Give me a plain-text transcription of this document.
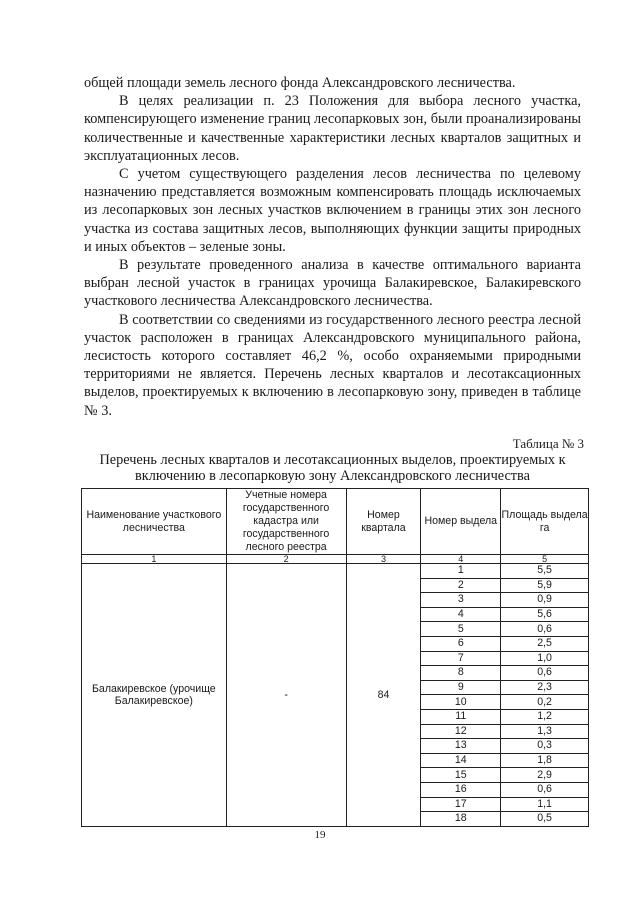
общей площади земель лесного фонда Александровского лесничества.

В целях реализации п. 23 Положения для выбора лесного участка, компенсирующего изменение границ лесопарковых зон, были проанализированы количественные и качественные характеристики лесных кварталов защитных и эксплуатационных лесов.

С учетом существующего разделения лесов лесничества по целевому назначению представляется возможным компенсировать площадь исключаемых из лесопарковых зон лесных участков включением в границы этих зон лесного участка из состава защитных лесов, выполняющих функции защиты природных и иных объектов – зеленые зоны.

В результате проведенного анализа в качестве оптимального варианта выбран лесной участок в границах урочища Балакиревское, Балакиревского участкового лесничества Александровского лесничества.

В соответствии со сведениями из государственного лесного реестра лесной участок расположен в границах Александровского муниципального района, лесистость которого составляет 46,2 %, особо охраняемыми природными территориями не является. Перечень лесных кварталов и лесотаксационных выделов, проектируемых к включению в лесопарковую зону, приведен в таблице № 3.

Таблица № 3
Перечень лесных кварталов и лесотаксационных выделов, проектируемых к включению в лесопарковую зону Александровского лесничества
Наименование участкового лесничества	Учетные номера государственного кадастра или государственного лесного реестра	Номер квартала	Номер выдела	Площадь выдела га
1	2	3	4	5
Балакиревское (урочище Балакиревское)	-	84	1	5,5
			2	5,9
			3	0,9
			4	5,6
			5	0,6
			6	2,5
			7	1,0
			8	0,6
			9	2,3
			10	0,2
			11	1,2
			12	1,3
			13	0,3
			14	1,8
			15	2,9
			16	0,6
			17	1,1
			18	0,5
19
